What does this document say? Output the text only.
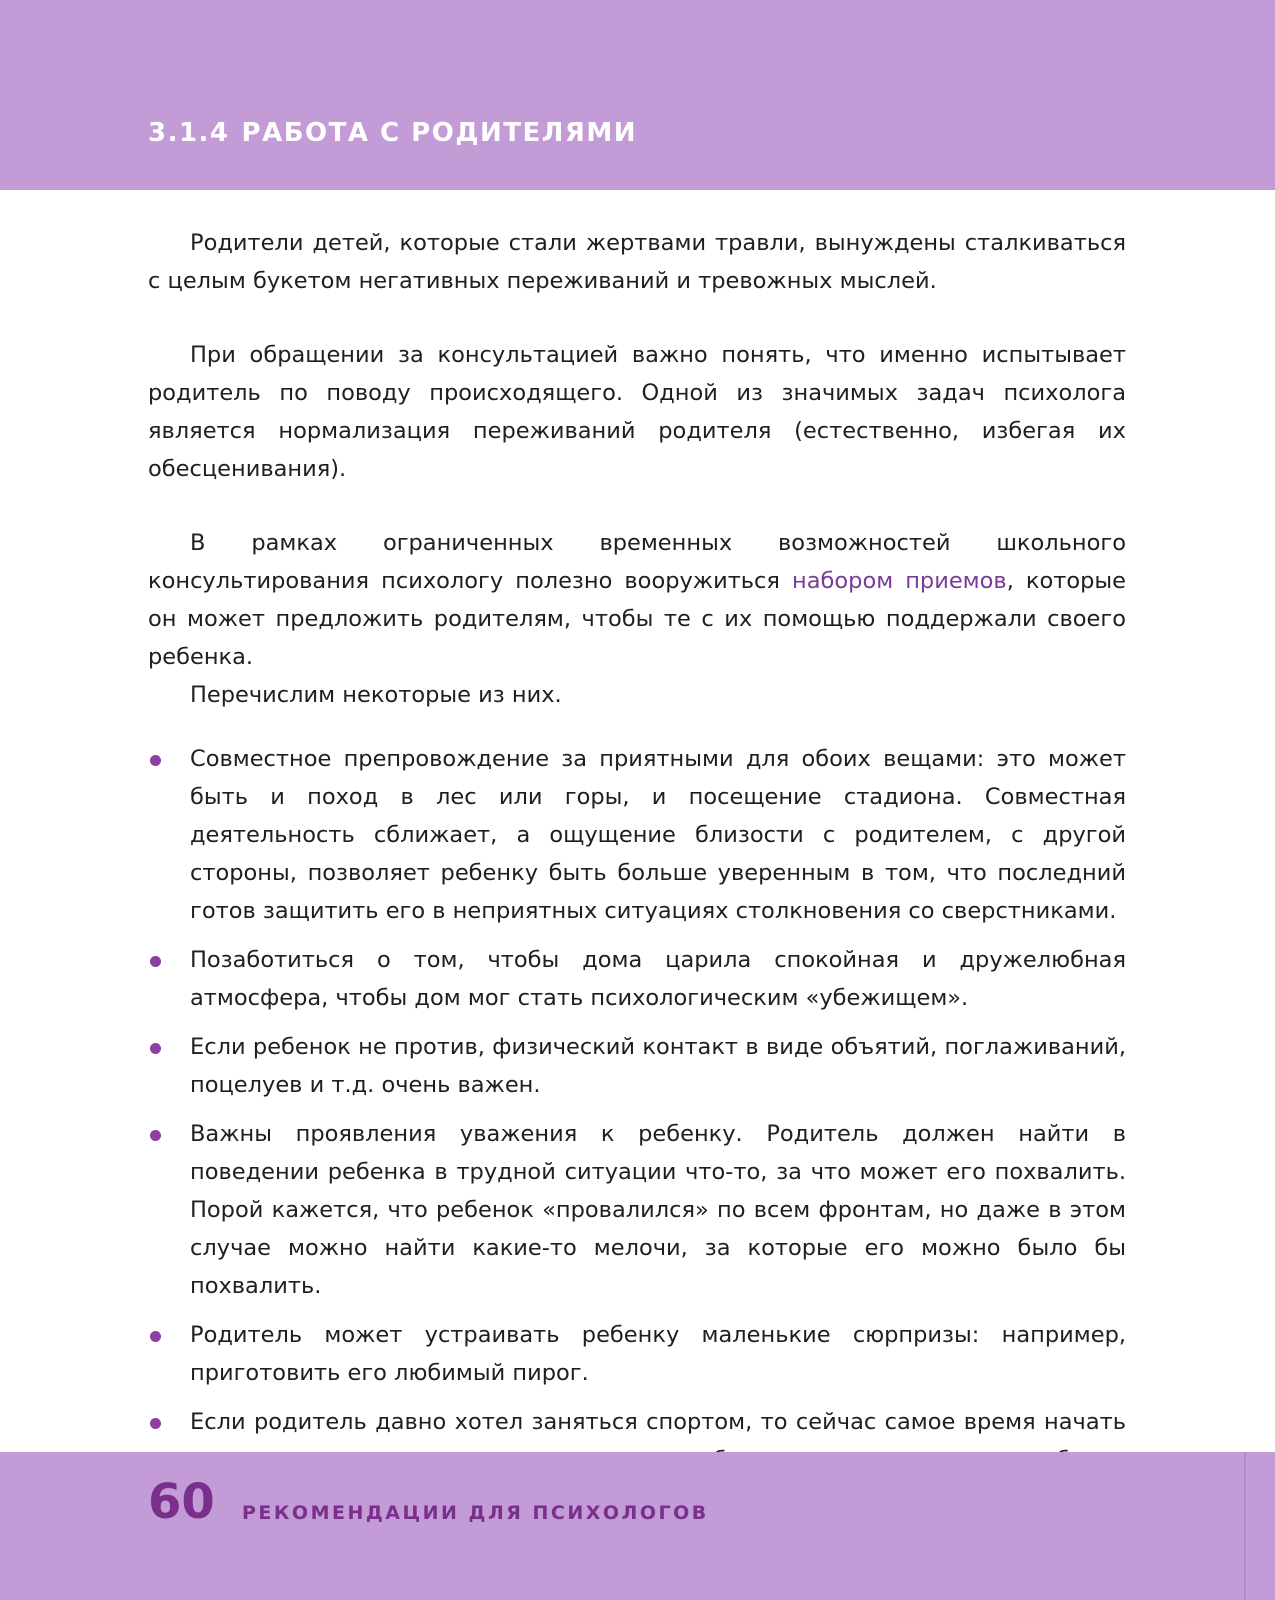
3.1.4 РАБОТА С РОДИТЕЛЯМИ

Родители детей, которые стали жертвами травли, вынуждены сталкиваться с целым букетом негативных переживаний и тревожных мыслей.

При обращении за консультацией важно понять, что именно испытывает родитель по поводу происходящего. Одной из значимых задач психолога является нормализация переживаний родителя (естественно, избегая их обесценивания).

В рамках ограниченных временных возможностей школьного консультирования психологу полезно вооружиться набором приемов, которые он может предложить родителям, чтобы те с их помощью поддержали своего ребенка.

Перечислим некоторые из них.

Совместное препровождение за приятными для обоих вещами: это может быть и поход в лес или горы, и посещение стадиона. Совместная деятельность сближает, а ощущение близости с родителем, с другой стороны, позволяет ребенку быть больше уверенным в том, что последний готов защитить его в неприятных ситуациях столкновения со сверстниками.
Позаботиться о том, чтобы дома царила спокойная и дружелюбная атмосфера, чтобы дом мог стать психологическим «убежищем».
Если ребенок не против, физический контакт в виде объятий, поглаживаний, поцелуев и т.д. очень важен.
Важны проявления уважения к ребенку. Родитель должен найти в поведении ребенка в трудной ситуации что-то, за что может его похвалить. Порой кажется, что ребенок «провалился» по всем фронтам, но даже в этом случае можно найти какие-то мелочи, за которые его можно было бы похвалить.
Родитель может устраивать ребенку маленькие сюрпризы: например, приготовить его любимый пирог.
Если родитель давно хотел заняться спортом, то сейчас самое время начать
60 РЕКОМЕНДАЦИИ ДЛЯ ПСИХОЛОГОВ
